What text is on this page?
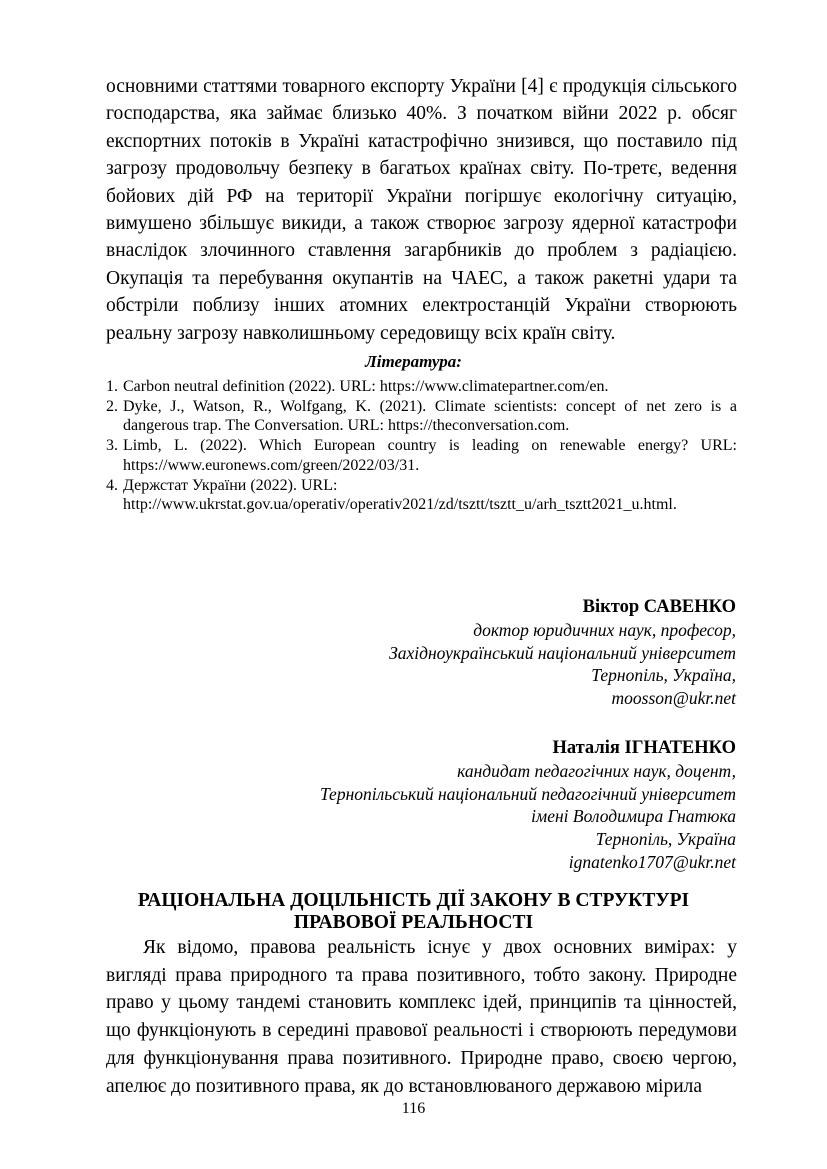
основними статтями товарного експорту України [4] є продукція сільського господарства, яка займає близько 40%. З початком війни 2022 р. обсяг експортних потоків в Україні катастрофічно знизився, що поставило під загрозу продовольчу безпеку в багатьох країнах світу. По-третє, ведення бойових дій РФ на території України погіршує екологічну ситуацію, вимушено збільшує викиди, а також створює загрозу ядерної катастрофи внаслідок злочинного ставлення загарбників до проблем з радіацією. Окупація та перебування окупантів на ЧАЕС, а також ракетні удари та обстріли поблизу інших атомних електростанцій України створюють реальну загрозу навколишньому середовищу всіх країн світу.

Література:

1. Carbon neutral definition (2022). URL: https://www.climatepartner.com/en.
2. Dyke, J., Watson, R., Wolfgang, K. (2021). Climate scientists: concept of net zero is a dangerous trap. The Conversation. URL: https://theconversation.com.
3. Limb, L. (2022). Which European country is leading on renewable energy? URL: https://www.euronews.com/green/2022/03/31.
4. Держстат України (2022). URL:
http://www.ukrstat.gov.ua/operativ/operativ2021/zd/tsztt/tsztt_u/arh_tsztt2021_u.html.
Віктор САВЕНКО
доктор юридичних наук, професор,
Західноукраїнський національний університет
Тернопіль, Україна,
moosson@ukr.net
Наталія ІГНАТЕНКО
кандидат педагогічних наук, доцент,
Тернопільський національний педагогічний університет
імені Володимира Гнатюка
Тернопіль, Україна
ignatenko1707@ukr.net
РАЦІОНАЛЬНА ДОЦІЛЬНІСТЬ ДІЇ ЗАКОНУ В СТРУКТУРІ
ПРАВОВОЇ РЕАЛЬНОСТІ

Як відомо, правова реальність існує у двох основних вимірах: у вигляді права природного та права позитивного, тобто закону. Природне право у цьому тандемі становить комплекс ідей, принципів та цінностей, що функціонують в середині правової реальності і створюють передумови для функціонування права позитивного. Природне право, своєю чергою, апелює до позитивного права, як до встановлюваного державою мірила

116
